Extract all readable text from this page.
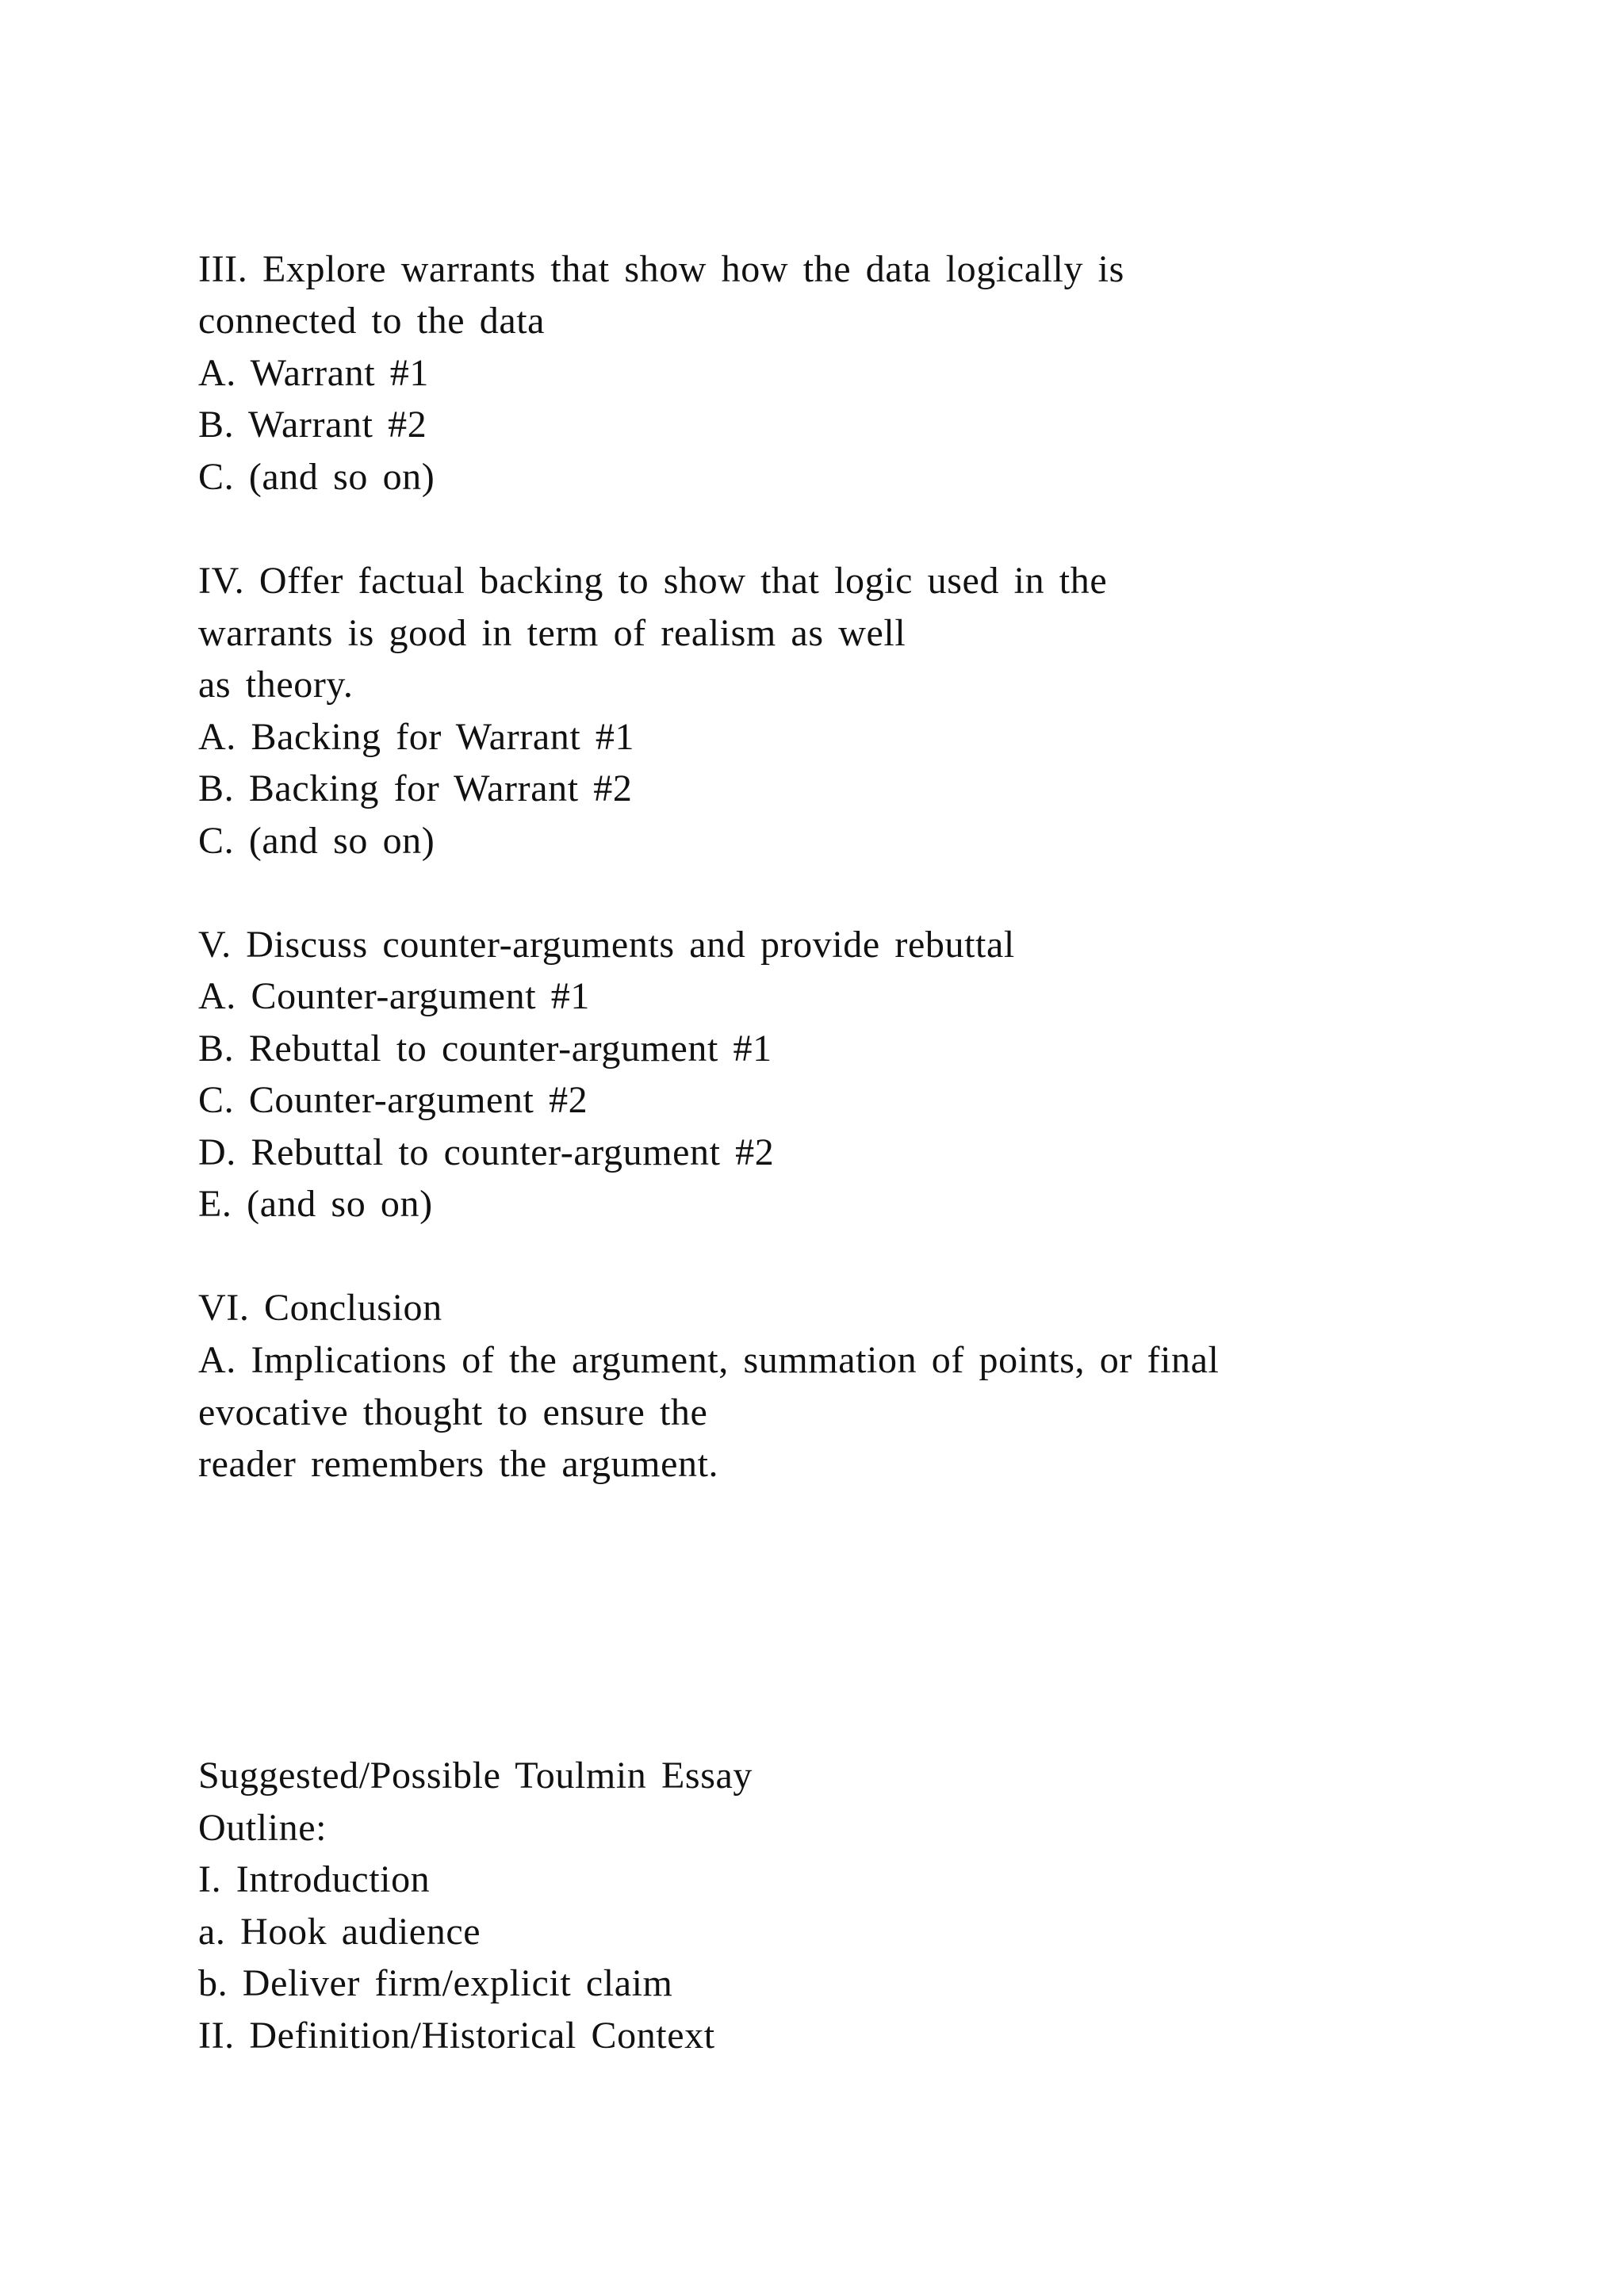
III. Explore warrants that show how the data logically is

connected to the data

A. Warrant #1

B. Warrant #2

C. (and so on)

IV. Offer factual backing to show that logic used in the

warrants is good in term of realism as well

as theory.

A. Backing for Warrant #1

B. Backing for Warrant #2

C. (and so on)

V. Discuss counter-arguments and provide rebuttal

A. Counter-argument #1

B. Rebuttal to counter-argument #1

C. Counter-argument #2

D. Rebuttal to counter-argument #2

E. (and so on)

VI. Conclusion

A. Implications of the argument, summation of points, or final

evocative thought to ensure the

reader remembers the argument.

Suggested/Possible Toulmin Essay

Outline:

I. Introduction

a. Hook audience

b. Deliver firm/explicit claim

II. Definition/Historical Context
